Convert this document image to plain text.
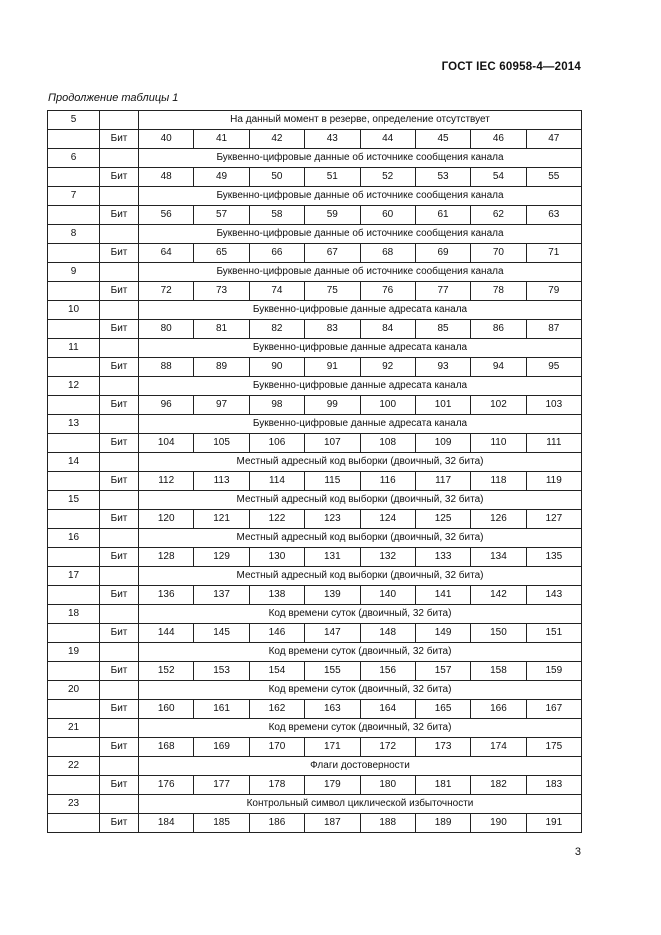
ГОСТ IEC 60958-4—2014
Продолжение таблицы 1
5		На данный момент в резерве, определение отсутствует							
	Бит	40	41	42	43	44	45	46	47
6		Буквенно-цифровые данные об источнике сообщения канала							
	Бит	48	49	50	51	52	53	54	55
7		Буквенно-цифровые данные об источнике сообщения канала							
	Бит	56	57	58	59	60	61	62	63
8		Буквенно-цифровые данные об источнике сообщения канала							
	Бит	64	65	66	67	68	69	70	71
9		Буквенно-цифровые данные об источнике сообщения канала							
	Бит	72	73	74	75	76	77	78	79
10		Буквенно-цифровые данные адресата канала							
	Бит	80	81	82	83	84	85	86	87
11		Буквенно-цифровые данные адресата канала							
	Бит	88	89	90	91	92	93	94	95
12		Буквенно-цифровые данные адресата канала							
	Бит	96	97	98	99	100	101	102	103
13		Буквенно-цифровые данные адресата канала							
	Бит	104	105	106	107	108	109	110	111
14		Местный адресный код выборки (двоичный, 32 бита)							
	Бит	112	113	114	115	116	117	118	119
15		Местный адресный код выборки (двоичный, 32 бита)							
	Бит	120	121	122	123	124	125	126	127
16		Местный адресный код выборки (двоичный, 32 бита)							
	Бит	128	129	130	131	132	133	134	135
17		Местный адресный код выборки (двоичный, 32 бита)							
	Бит	136	137	138	139	140	141	142	143
18		Код времени суток (двоичный, 32 бита)							
	Бит	144	145	146	147	148	149	150	151
19		Код времени суток (двоичный, 32 бита)							
	Бит	152	153	154	155	156	157	158	159
20		Код времени суток (двоичный, 32 бита)							
	Бит	160	161	162	163	164	165	166	167
21		Код времени суток (двоичный, 32 бита)							
	Бит	168	169	170	171	172	173	174	175
22		Флаги достоверности							
	Бит	176	177	178	179	180	181	182	183
23		Контрольный символ циклической избыточности							
	Бит	184	185	186	187	188	189	190	191
3
